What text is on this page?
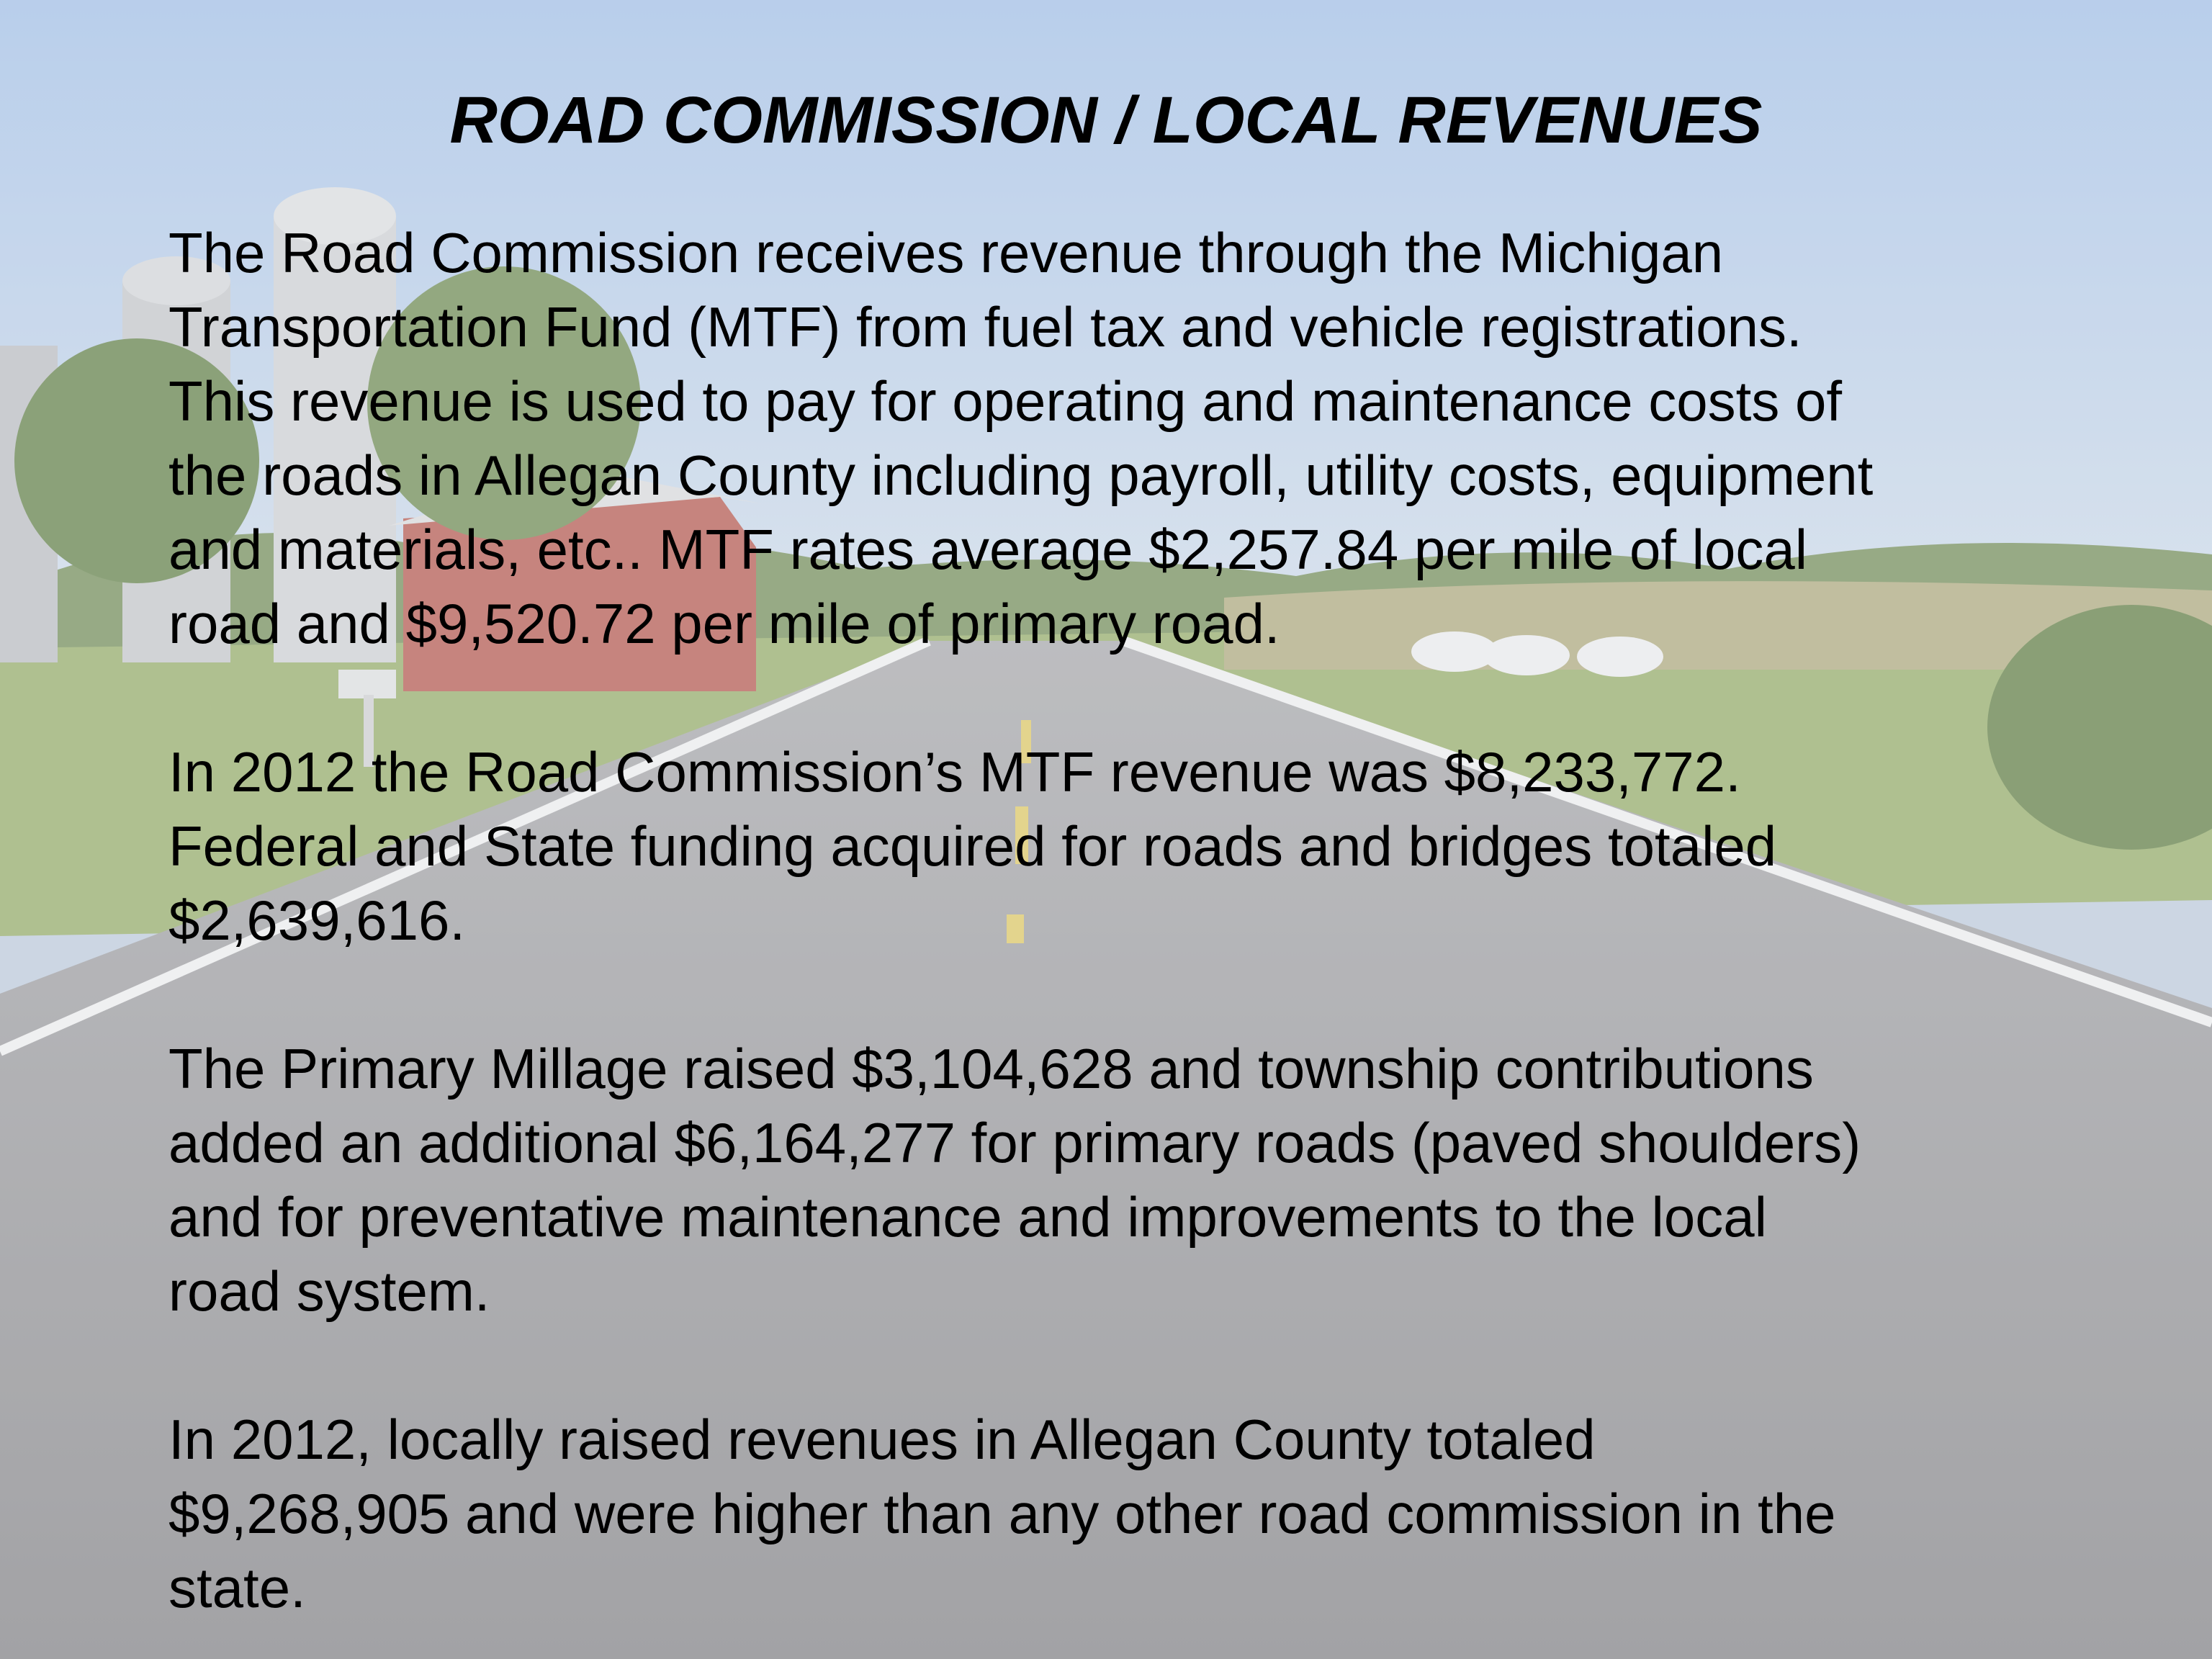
ROAD COMMISSION / LOCAL REVENUES

The Road Commission receives revenue through the Michigan
Transportation Fund (MTF) from fuel tax and vehicle registrations.
This revenue is used to pay for operating and maintenance costs of
the roads in Allegan County including payroll, utility costs, equipment
and materials, etc.. MTF rates average $2,257.84 per mile of local
road and $9,520.72 per mile of primary road.

In 2012 the Road Commission’s MTF revenue was $8,233,772.
Federal and State funding acquired for roads and bridges totaled
$2,639,616.

The Primary Millage raised $3,104,628 and township contributions
added an additional $6,164,277 for primary roads (paved shoulders)
and for preventative maintenance and improvements to the local
road system.

In 2012, locally raised revenues in Allegan County totaled
$9,268,905 and were higher than any other road commission in the
state.
